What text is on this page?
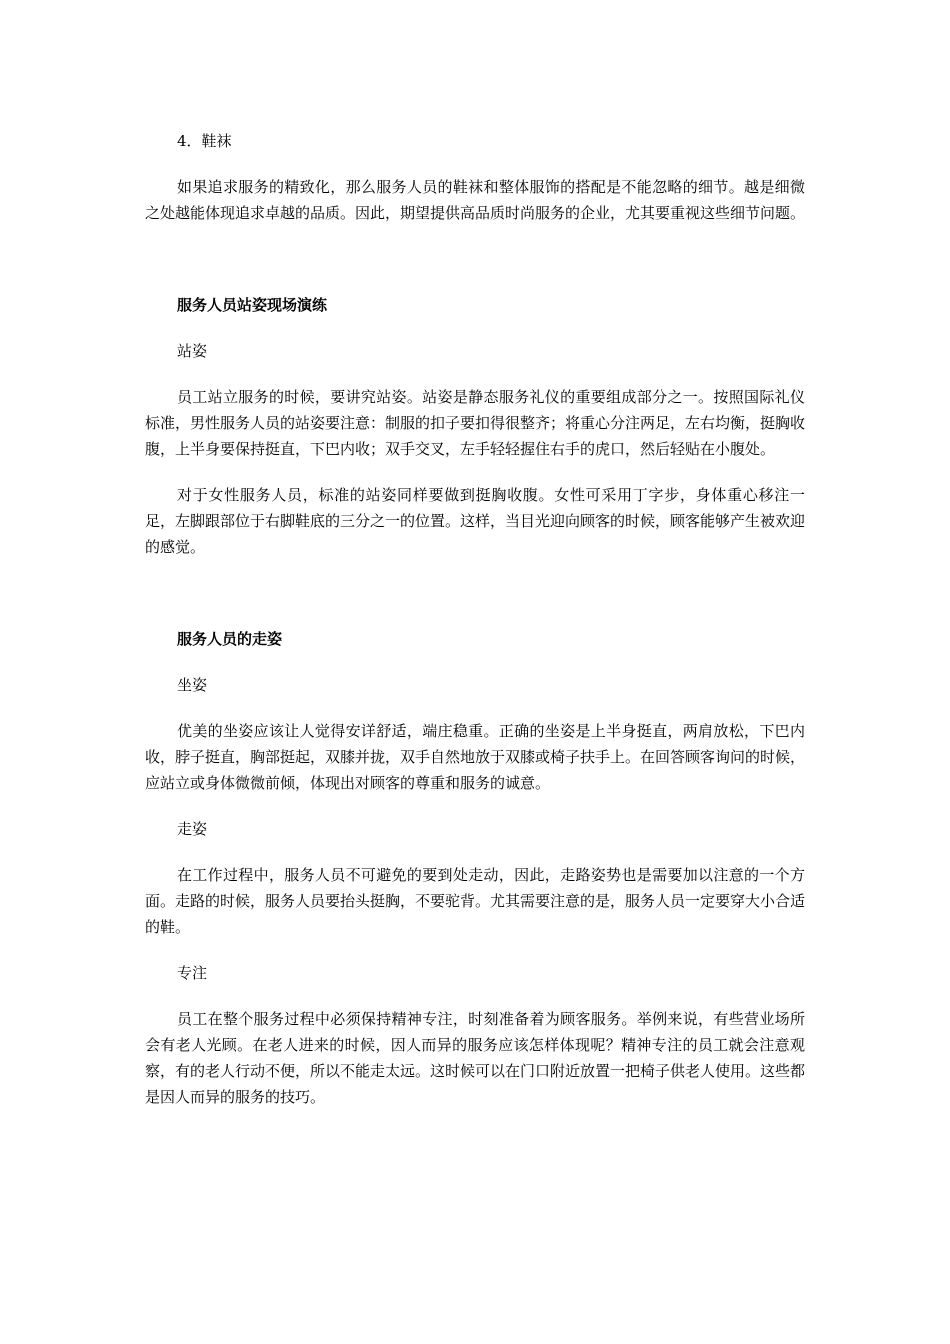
4．鞋袜

如果追求服务的精致化，那么服务人员的鞋袜和整体服饰的搭配是不能忽略的细节。越是细微之处越能体现追求卓越的品质。因此，期望提供高品质时尚服务的企业，尤其要重视这些细节问题。

服务人员站姿现场演练

站姿

员工站立服务的时候，要讲究站姿。站姿是静态服务礼仪的重要组成部分之一。按照国际礼仪标准，男性服务人员的站姿要注意：制服的扣子要扣得很整齐；将重心分注两足，左右均衡，挺胸收腹，上半身要保持挺直，下巴内收；双手交叉，左手轻轻握住右手的虎口，然后轻贴在小腹处。

对于女性服务人员，标准的站姿同样要做到挺胸收腹。女性可采用丁字步，身体重心移注一足，左脚跟部位于右脚鞋底的三分之一的位置。这样，当目光迎向顾客的时候，顾客能够产生被欢迎的感觉。

服务人员的走姿

坐姿

优美的坐姿应该让人觉得安详舒适，端庄稳重。正确的坐姿是上半身挺直，两肩放松，下巴内收，脖子挺直，胸部挺起，双膝并拢，双手自然地放于双膝或椅子扶手上。在回答顾客询问的时候，应站立或身体微微前倾，体现出对顾客的尊重和服务的诚意。

走姿

在工作过程中，服务人员不可避免的要到处走动，因此，走路姿势也是需要加以注意的一个方面。走路的时候，服务人员要抬头挺胸，不要驼背。尤其需要注意的是，服务人员一定要穿大小合适的鞋。

专注

员工在整个服务过程中必须保持精神专注，时刻准备着为顾客服务。举例来说，有些营业场所会有老人光顾。在老人进来的时候，因人而异的服务应该怎样体现呢？精神专注的员工就会注意观察，有的老人行动不便，所以不能走太远。这时候可以在门口附近放置一把椅子供老人使用。这些都是因人而异的服务的技巧。
